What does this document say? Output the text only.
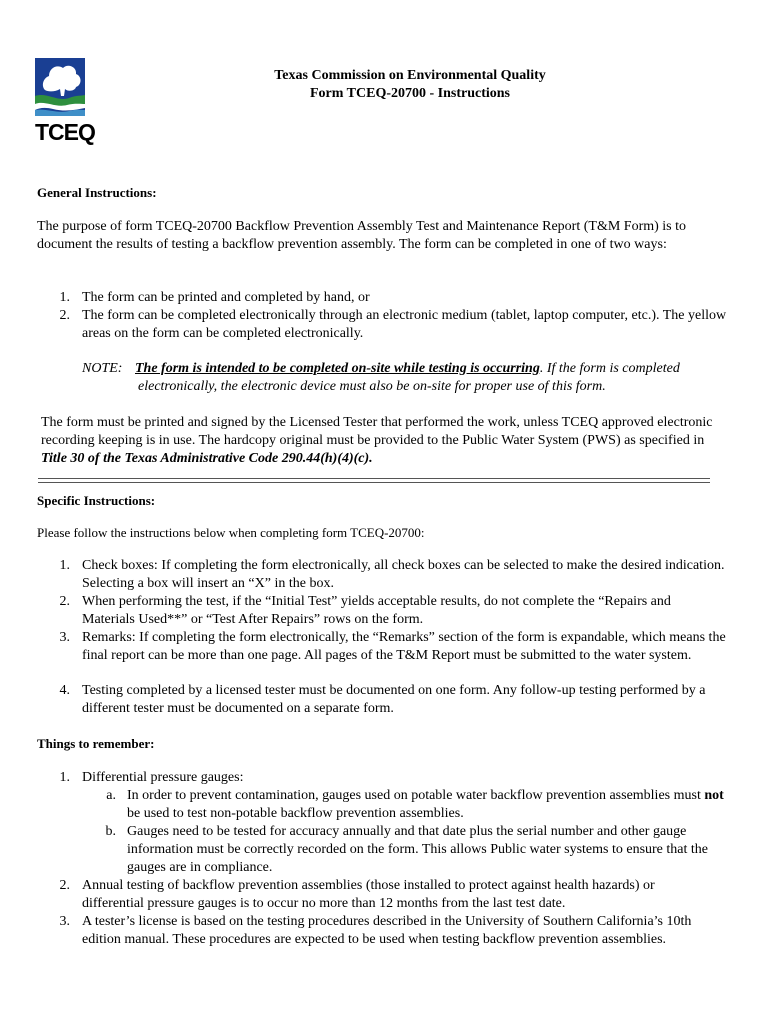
TCEQ
Texas Commission on Environmental Quality
Form TCEQ-20700 - Instructions
General Instructions:
The purpose of form TCEQ-20700 Backflow Prevention Assembly Test and Maintenance Report (T&M Form) is to document the results of testing a backflow prevention assembly. The form can be completed in one of two ways:
1. The form can be printed and completed by hand, or
2. The form can be completed electronically through an electronic medium (tablet, laptop computer, etc.). The yellow areas on the form can be completed electronically.
NOTE: The form is intended to be completed on-site while testing is occurring. If the form is completed electronically, the electronic device must also be on-site for proper use of this form.
The form must be printed and signed by the Licensed Tester that performed the work, unless TCEQ approved electronic recording keeping is in use. The hardcopy original must be provided to the Public Water System (PWS) as specified in Title 30 of the Texas Administrative Code 290.44(h)(4)(c).
Specific Instructions:
Please follow the instructions below when completing form TCEQ-20700:
1. Check boxes: If completing the form electronically, all check boxes can be selected to make the desired indication. Selecting a box will insert an “X” in the box.
2. When performing the test, if the “Initial Test” yields acceptable results, do not complete the “Repairs and Materials Used**” or “Test After Repairs” rows on the form.
3. Remarks: If completing the form electronically, the “Remarks” section of the form is expandable, which means the final report can be more than one page. All pages of the T&M Report must be submitted to the water system.
4. Testing completed by a licensed tester must be documented on one form. Any follow-up testing performed by a different tester must be documented on a separate form.
Things to remember:
1. Differential pressure gauges:
a. In order to prevent contamination, gauges used on potable water backflow prevention assemblies must not be used to test non-potable backflow prevention assemblies.
b. Gauges need to be tested for accuracy annually and that date plus the serial number and other gauge information must be correctly recorded on the form. This allows Public water systems to ensure that the gauges are in compliance.
2. Annual testing of backflow prevention assemblies (those installed to protect against health hazards) or differential pressure gauges is to occur no more than 12 months from the last test date.
3. A tester’s license is based on the testing procedures described in the University of Southern California’s 10th edition manual. These procedures are expected to be used when testing backflow prevention assemblies.
